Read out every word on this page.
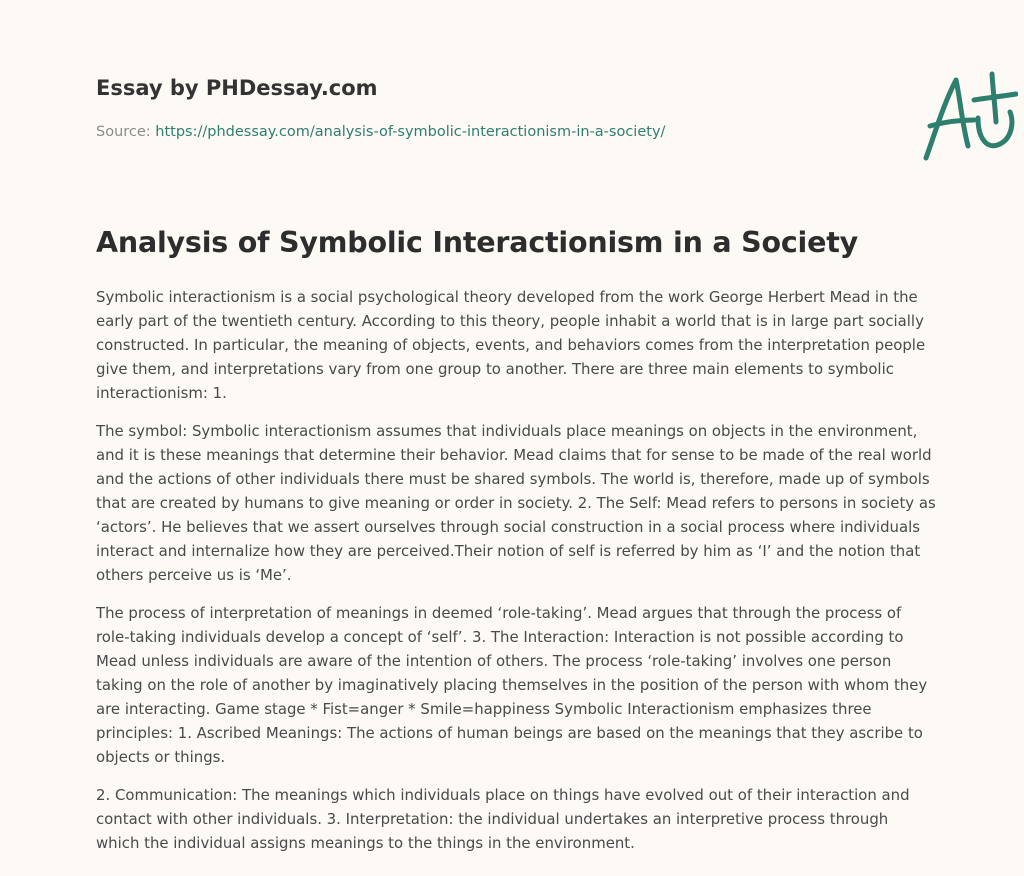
Essay by PHDessay.com
Source: https://phdessay.com/analysis-of-symbolic-interactionism-in-a-society/
Analysis of Symbolic Interactionism in a Society

Symbolic interactionism is a social psychological theory developed from the work George Herbert Mead in the early part of the twentieth century. According to this theory, people inhabit a world that is in large part socially constructed. In particular, the meaning of objects, events, and behaviors comes from the interpretation people give them, and interpretations vary from one group to another. There are three main elements to symbolic interactionism: 1.

The symbol: Symbolic interactionism assumes that individuals place meanings on objects in the environment, and it is these meanings that determine their behavior. Mead claims that for sense to be made of the real world and the actions of other individuals there must be shared symbols. The world is, therefore, made up of symbols that are created by humans to give meaning or order in society. 2. The Self: Mead refers to persons in society as ‘actors’. He believes that we assert ourselves through social construction in a social process where individuals interact and internalize how they are perceived.Their notion of self is referred by him as ‘I’ and the notion that others perceive us is ‘Me’.

The process of interpretation of meanings in deemed ‘role-taking’. Mead argues that through the process of role-taking individuals develop a concept of ‘self’. 3. The Interaction: Interaction is not possible according to Mead unless individuals are aware of the intention of others. The process ‘role-taking’ involves one person taking on the role of another by imaginatively placing themselves in the position of the person with whom they are interacting. Game stage * Fist=anger * Smile=happiness Symbolic Interactionism emphasizes three principles: 1. Ascribed Meanings: The actions of human beings are based on the meanings that they ascribe to objects or things.

2. Communication: The meanings which individuals place on things have evolved out of their interaction and contact with other individuals. 3. Interpretation: the individual undertakes an interpretive process through which the individual assigns meanings to the things in the environment.
